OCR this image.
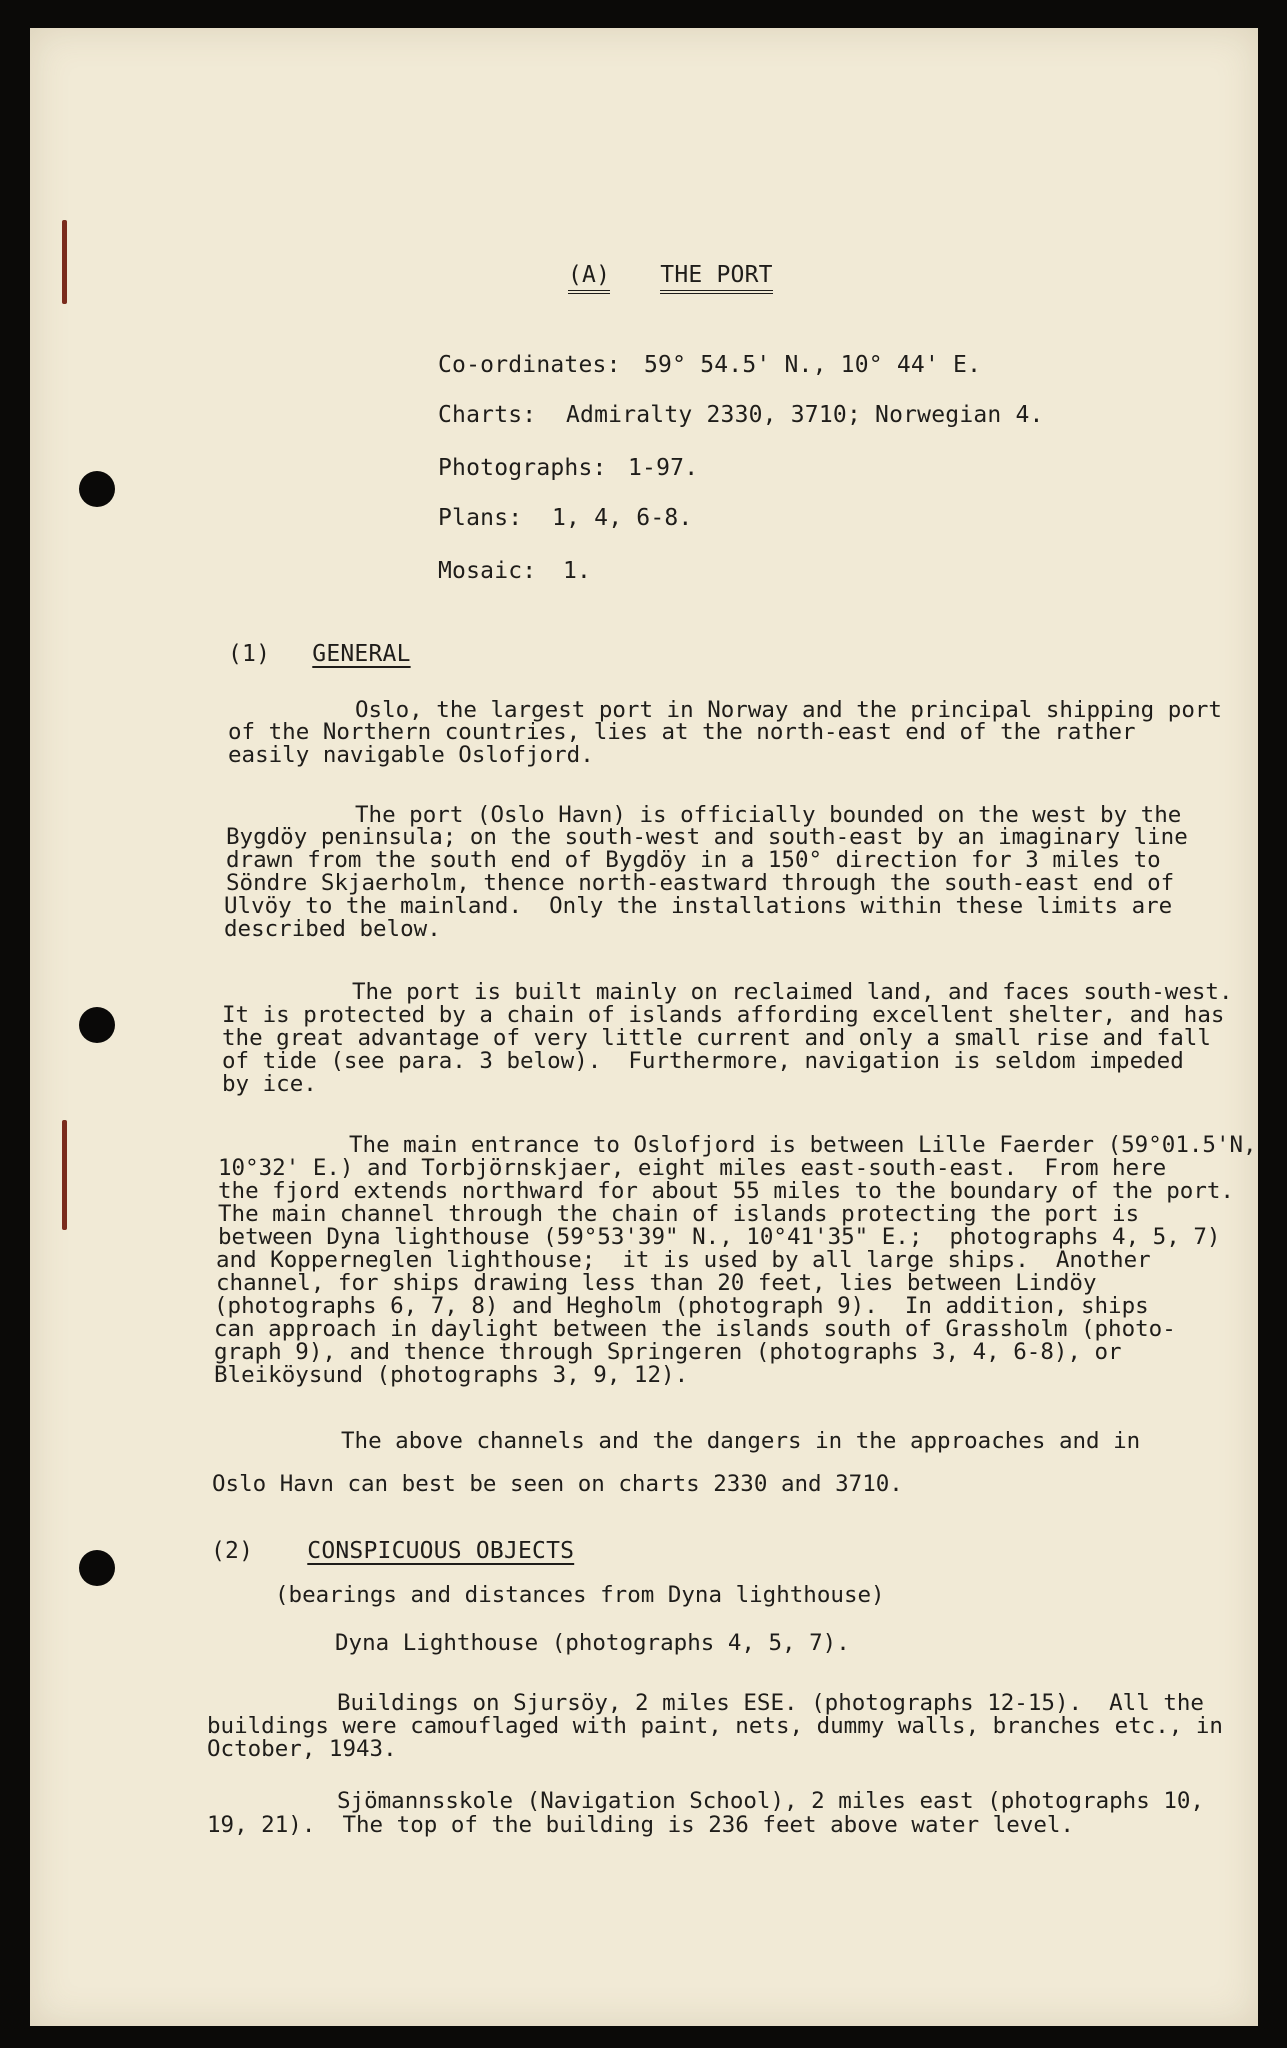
(A) THE PORT
Co-ordinates: 59° 54.5' N., 10° 44' E.
Charts: Admiralty 2330, 3710; Norwegian 4.
Photographs: 1-97.
Plans: 1, 4, 6-8.
Mosaic: 1.
(1) GENERAL
Oslo, the largest port in Norway and the principal shipping port
of the Northern countries, lies at the north-east end of the rather
easily navigable Oslofjord.
The port (Oslo Havn) is officially bounded on the west by the
Bygdöy peninsula; on the south-west and south-east by an imaginary line
drawn from the south end of Bygdöy in a 150° direction for 3 miles to
Söndre Skjaerholm, thence north-eastward through the south-east end of
Ulvöy to the mainland.  Only the installations within these limits are
described below.
The port is built mainly on reclaimed land, and faces south-west.
It is protected by a chain of islands affording excellent shelter, and has
the great advantage of very little current and only a small rise and fall
of tide (see para. 3 below).  Furthermore, navigation is seldom impeded
by ice.
The main entrance to Oslofjord is between Lille Faerder (59°01.5'N,
10°32' E.) and Torbjörnskjaer, eight miles east-south-east.  From here
the fjord extends northward for about 55 miles to the boundary of the port.
The main channel through the chain of islands protecting the port is
between Dyna lighthouse (59°53'39" N., 10°41'35" E.;  photographs 4, 5, 7)
and Kopperneglen lighthouse;  it is used by all large ships.  Another
channel, for ships drawing less than 20 feet, lies between Lindöy
(photographs 6, 7, 8) and Hegholm (photograph 9).  In addition, ships
can approach in daylight between the islands south of Grassholm (photo-
graph 9), and thence through Springeren (photographs 3, 4, 6-8), or
Bleiköysund (photographs 3, 9, 12).
The above channels and the dangers in the approaches and in
Oslo Havn can best be seen on charts 2330 and 3710.
(2) CONSPICUOUS OBJECTS
(bearings and distances from Dyna lighthouse)
Dyna Lighthouse (photographs 4, 5, 7).
Buildings on Sjursöy, 2 miles ESE. (photographs 12-15).  All the
buildings were camouflaged with paint, nets, dummy walls, branches etc., in
October, 1943.
Sjömannsskole (Navigation School), 2 miles east (photographs 10,
19, 21).  The top of the building is 236 feet above water level.
